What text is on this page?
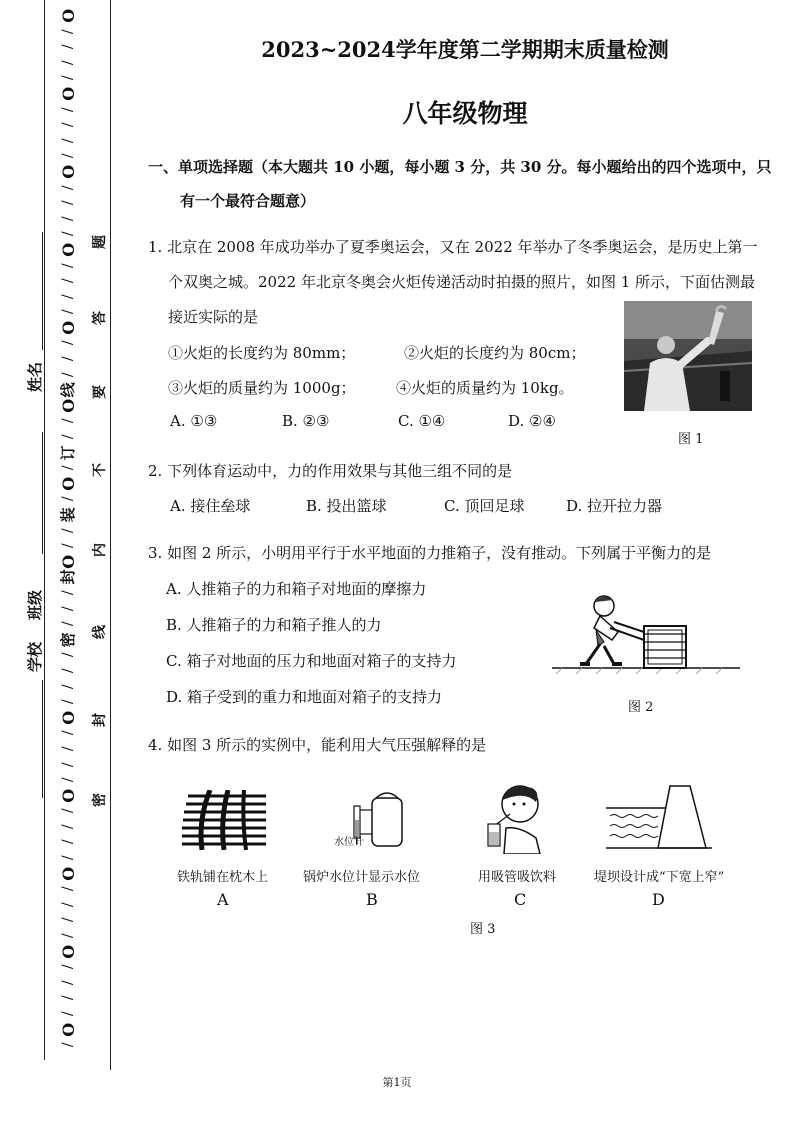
姓名
班级
学校
O
/
/
/
/
O
/
/
/
/
O
/
/
/
/
O
/
/
/
/
O
/
/
/
线
O
/
/
订
/
O
/
装
/
/
O
封
/
/
/
密
/
/
/
/
O
/
/
/
/
O
/
/
/
/
O
/
/
/
/
O
/
/
/
/
O
/
题
答
要
不
内
线
封
密
2023~2024学年度第二学期期末质量检测
八年级物理
一、单项选择题（本大题共 10 小题，每小题 3 分，共 30 分。每小题给出的四个选项中，只
有一个最符合题意）
1. 北京在 2008 年成功举办了夏季奥运会，又在 2022 年举办了冬季奥运会，是历史上第一
个双奥之城。2022 年北京冬奥会火炬传递活动时拍摄的照片，如图 1 所示，下面估测最
接近实际的是
①火炬的长度约为 80mm；	②火炬的长度约为 80cm；
③火炬的质量约为 1000g；	④火炬的质量约为 10kg。
A. ①③	B. ②③	C. ①④	D. ②④
图 1
2. 下列体育运动中，力的作用效果与其他三组不同的是
A. 接住垒球	B. 投出篮球	C. 顶回足球	D. 拉开拉力器
3. 如图 2 所示，小明用平行于水平地面的力推箱子，没有推动。下列属于平衡力的是
A. 人推箱子的力和箱子对地面的摩擦力
B. 人推箱子的力和箱子推人的力
C. 箱子对地面的压力和地面对箱子的支持力
D. 箱子受到的重力和地面对箱子的支持力
图 2
4. 如图 3 所示的实例中，能利用大气压强解释的是
水位计
铁轨铺在枕木上	锅炉水位计显示水位	用吸管吸饮料	堤坝设计成“下宽上窄”
A	B	C	D
图 3
第1页
